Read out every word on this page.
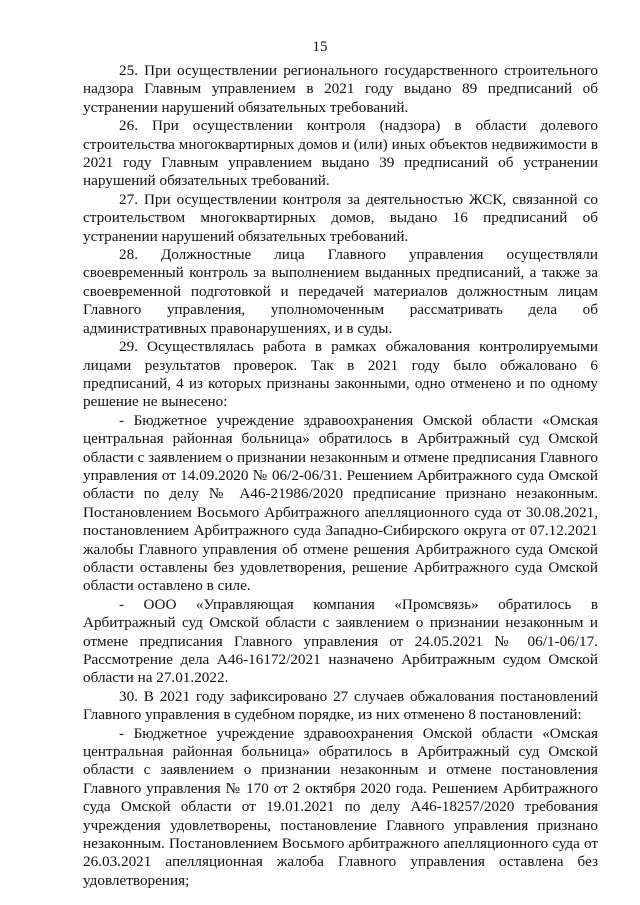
15

25. При осуществлении регионального государственного строительного надзора Главным управлением в 2021 году выдано 89 предписаний об устранении нарушений обязательных требований.

26. При осуществлении контроля (надзора) в области долевого строительства многоквартирных домов и (или) иных объектов недвижимости в 2021 году Главным управлением выдано 39 предписаний об устранении нарушений обязательных требований.

27. При осуществлении контроля за деятельностью ЖСК, связанной со строительством многоквартирных домов, выдано 16 предписаний об устранении нарушений обязательных требований.

28. Должностные лица Главного управления осуществляли своевременный контроль за выполнением выданных предписаний, а также за своевременной подготовкой и передачей материалов должностным лицам Главного управления, уполномоченным рассматривать дела об административных правонарушениях, и в суды.

29. Осуществлялась работа в рамках обжалования контролируемыми лицами результатов проверок. Так в 2021 году было обжаловано 6 предписаний, 4 из которых признаны законными, одно отменено и по одному решение не вынесено:

- Бюджетное учреждение здравоохранения Омской области «Омская центральная районная больница» обратилось в Арбитражный суд Омской области с заявлением о признании незаконным и отмене предписания Главного управления от 14.09.2020 № 06/2-06/31. Решением Арбитражного суда Омской области по делу № А46-21986/2020 предписание признано незаконным. Постановлением Восьмого Арбитражного апелляционного суда от 30.08.2021, постановлением Арбитражного суда Западно-Сибирского округа от 07.12.2021 жалобы Главного управления об отмене решения Арбитражного суда Омской области оставлены без удовлетворения, решение Арбитражного суда Омской области оставлено в силе.

- ООО «Управляющая компания «Промсвязь» обратилось в Арбитражный суд Омской области с заявлением о признании незаконным и отмене предписания Главного управления от 24.05.2021 № 06/1-06/17. Рассмотрение дела А46-16172/2021 назначено Арбитражным судом Омской области на 27.01.2022.

30. В 2021 году зафиксировано 27 случаев обжалования постановлений Главного управления в судебном порядке, из них отменено 8 постановлений:

- Бюджетное учреждение здравоохранения Омской области «Омская центральная районная больница» обратилось в Арбитражный суд Омской области с заявлением о признании незаконным и отмене постановления Главного управления № 170 от 2 октября 2020 года. Решением Арбитражного суда Омской области от 19.01.2021 по делу А46-18257/2020 требования учреждения удовлетворены, постановление Главного управления признано незаконным. Постановлением Восьмого арбитражного апелляционного суда от 26.03.2021 апелляционная жалоба Главного управления оставлена без удовлетворения;
